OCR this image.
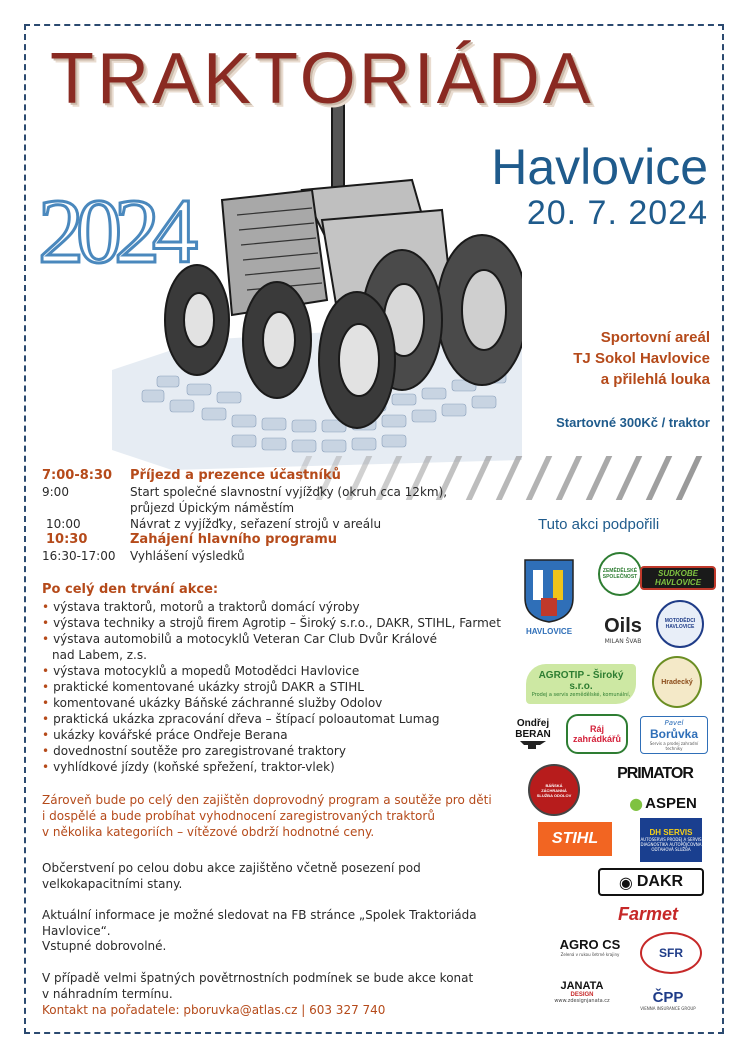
TRAKTORIÁDA
Havlovice
20. 7. 2024
2024
Sportovní areál
TJ Sokol Havlovice
a přilehlá louka
Startovné 300Kč / traktor
7:00-8:30	Příjezd a prezence účastníků
9:00	Start společné slavnostní vyjížďky (okruh cca 12km),
průjezd Úpickým náměstím
10:00	Návrat z vyjížďky, seřazení strojů v areálu
10:30	Zahájení hlavního programu
16:30-17:00	Vyhlášení výsledků
Tuto akci podpořili
Po celý den trvání akce:
• výstava traktorů, motorů a traktorů domácí výroby
• výstava techniky a strojů firem Agrotip – Široký s.r.o., DAKR, STIHL, Farmet
• výstava automobilů a motocyklů Veteran Car Club Dvůr Králové
nad Labem, z.s.
• výstava motocyklů a mopedů Motodědci Havlovice
• praktické komentované ukázky strojů DAKR a STIHL
• komentované ukázky Báňské záchranné služby Odolov
• praktická ukázka zpracování dřeva – štípací poloautomat Lumag
• ukázky kovářské práce Ondřeje Berana
• dovednostní soutěže pro zaregistrované traktory
• vyhlídkové jízdy (koňské spřežení, traktor-vlek)
Zároveň bude po celý den zajištěn doprovodný program a soutěže pro děti
i dospělé a bude probíhat vyhodnocení zaregistrovaných traktorů
v několika kategoriích – vítězové obdrží hodnotné ceny.
Občerstvení po celou dobu akce zajištěno včetně posezení pod
velkokapacitními stany.
Aktuální informace je možné sledovat na FB stránce „Spolek Traktoriáda Havlovice“.
Vstupné dobrovolné.
V případě velmi špatných povětrnostních podmínek se bude akce konat
v náhradním termínu.
Kontakt na pořadatele: pboruvka@atlas.cz | 603 327 740
HAVLOVICE
ZEMĚDĚLSKÉ SPOLEČNOST	SUDKOBE HAVLOVICE
Oils
MILAN ŠVAB
MOTODĚDCI HAVLOVICE
AGROTIP - Široký s.r.o.
Prodej a servis zemědělské, komunální,
Hradecký
Ondřej
BERAN	Ráj zahrádkářů
Pavel
Borůvka
Servis a prodej zahradní techniky
BÁŇSKÁ ZÁCHRANNÁ SLUŽBA ODOLOV
PRIMATOR
● ASPEN
STIHL	DH SERVIS
AUTOSERVIS PRODEJ A SERVIS DIAGNOSTIKA AUTOPŮJČOVNA ODTAHOVÁ SLUŽBA
◉ DAKR
Farmet
AGRO CS
Zelená v rukou šetrné krajiny	SFR
JANATA
DESIGN
www.zdesignjanata.cz	ČPP
VIENNA INSURANCE GROUP
